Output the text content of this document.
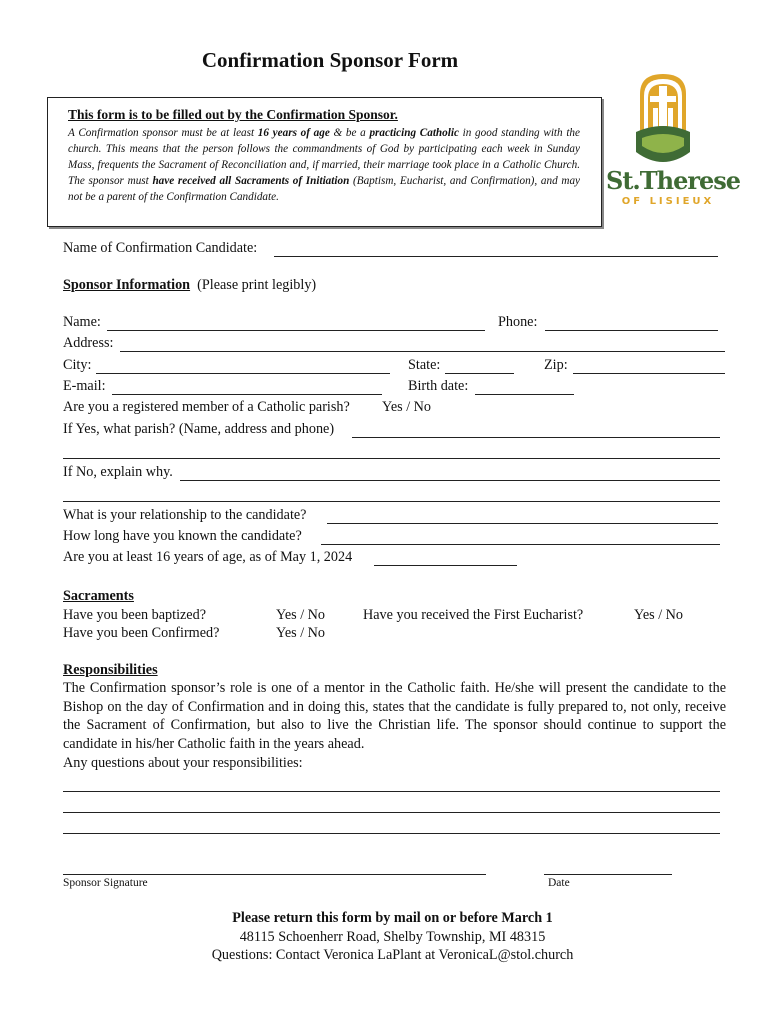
Confirmation Sponsor Form
This form is to be filled out by the Confirmation Sponsor.
A Confirmation sponsor must be at least 16 years of age & be a practicing Catholic in good standing with the church. This means that the person follows the commandments of God by participating each week in Sunday Mass, frequents the Sacrament of Reconciliation and, if married, their marriage took place in a Catholic Church. The sponsor must have received all Sacraments of Initiation (Baptism, Eucharist, and Confirmation), and may not be a parent of the Confirmation Candidate.
St.Therese
OF LISIEUX
Name of Confirmation Candidate:
Sponsor Information (Please print legibly)
Name:	Phone:
Address:
City:	State:	Zip:
E-mail:	Birth date:
Are you a registered member of a Catholic parish? Yes / No
If Yes, what parish? (Name, address and phone)
If No, explain why.
What is your relationship to the candidate?
How long have you known the candidate?
Are you at least 16 years of age, as of May 1, 2024
Sacraments
Have you been baptized?	Yes / No	Have you received the First Eucharist?	Yes / No
Have you been Confirmed?	Yes / No
Responsibilities
The Confirmation sponsor’s role is one of a mentor in the Catholic faith. He/she will present the candidate to the Bishop on the day of Confirmation and in doing this, states that the candidate is fully prepared to, not only, receive the Sacrament of Confirmation, but also to live the Christian life. The sponsor should continue to support the candidate in his/her Catholic faith in the years ahead.
Any questions about your responsibilities:
Sponsor Signature	Date
Please return this form by mail on or before March 1
48115 Schoenherr Road, Shelby Township, MI 48315
Questions: Contact Veronica LaPlant at VeronicaL@stol.church
